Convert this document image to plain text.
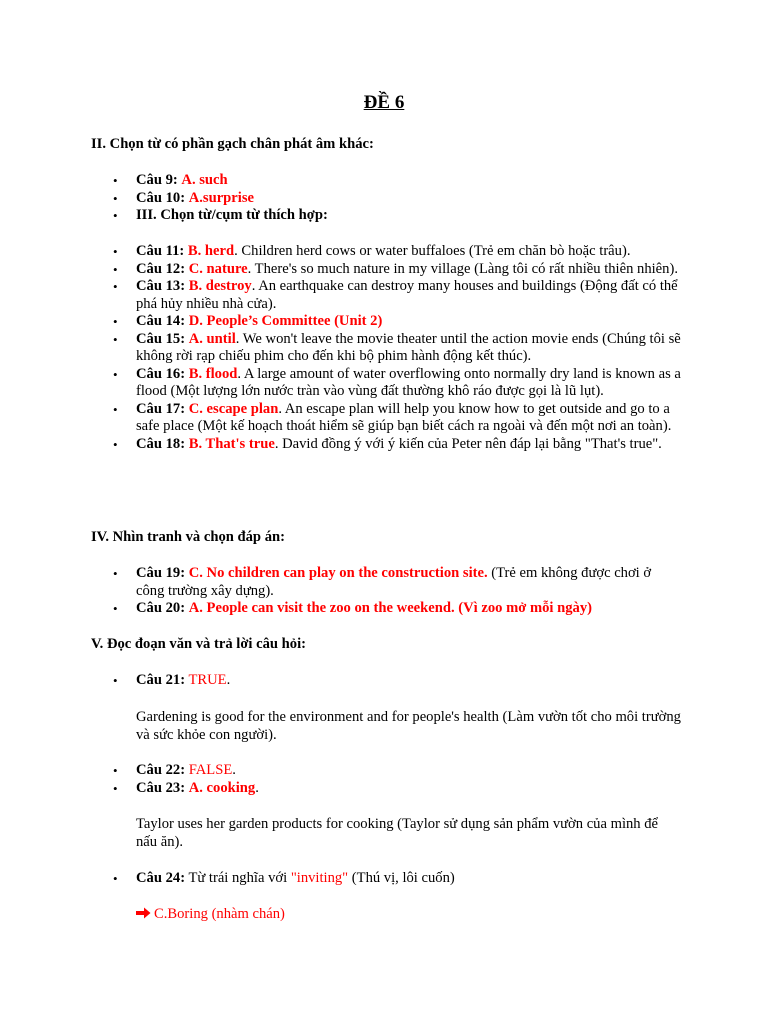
ĐỀ 6
II. Chọn từ có phần gạch chân phát âm khác:
• Câu 9: A. such
• Câu 10: A.surprise
• III. Chọn từ/cụm từ thích hợp:
• Câu 11: B. herd. Children herd cows or water buffaloes (Trẻ em chăn bò hoặc trâu).
• Câu 12: C. nature. There's so much nature in my village (Làng tôi có rất nhiều thiên nhiên).
• Câu 13: B. destroy. An earthquake can destroy many houses and buildings (Động đất có thể phá hủy nhiều nhà cửa).
• Câu 14: D. People’s Committee (Unit 2)
• Câu 15: A. until. We won't leave the movie theater until the action movie ends (Chúng tôi sẽ không rời rạp chiếu phim cho đến khi bộ phim hành động kết thúc).
• Câu 16: B. flood. A large amount of water overflowing onto normally dry land is known as a flood (Một lượng lớn nước tràn vào vùng đất thường khô ráo được gọi là lũ lụt).
• Câu 17: C. escape plan. An escape plan will help you know how to get outside and go to a safe place (Một kế hoạch thoát hiểm sẽ giúp bạn biết cách ra ngoài và đến một nơi an toàn).
• Câu 18: B. That's true. David đồng ý với ý kiến của Peter nên đáp lại bằng "That's true".
IV. Nhìn tranh và chọn đáp án:
• Câu 19: C. No children can play on the construction site. (Trẻ em không được chơi ở công trường xây dựng).
• Câu 20: A. People can visit the zoo on the weekend. (Vì zoo mở mỗi ngày)
V. Đọc đoạn văn và trả lời câu hỏi:
• Câu 21: TRUE.
Gardening is good for the environment and for people's health (Làm vườn tốt cho môi trường và sức khỏe con người).
• Câu 22: FALSE.
• Câu 23: A. cooking.
Taylor uses her garden products for cooking (Taylor sử dụng sản phẩm vườn của mình để nấu ăn).
• Câu 24: Từ trái nghĩa với "inviting" (Thú vị, lôi cuốn)
C.Boring (nhàm chán)
